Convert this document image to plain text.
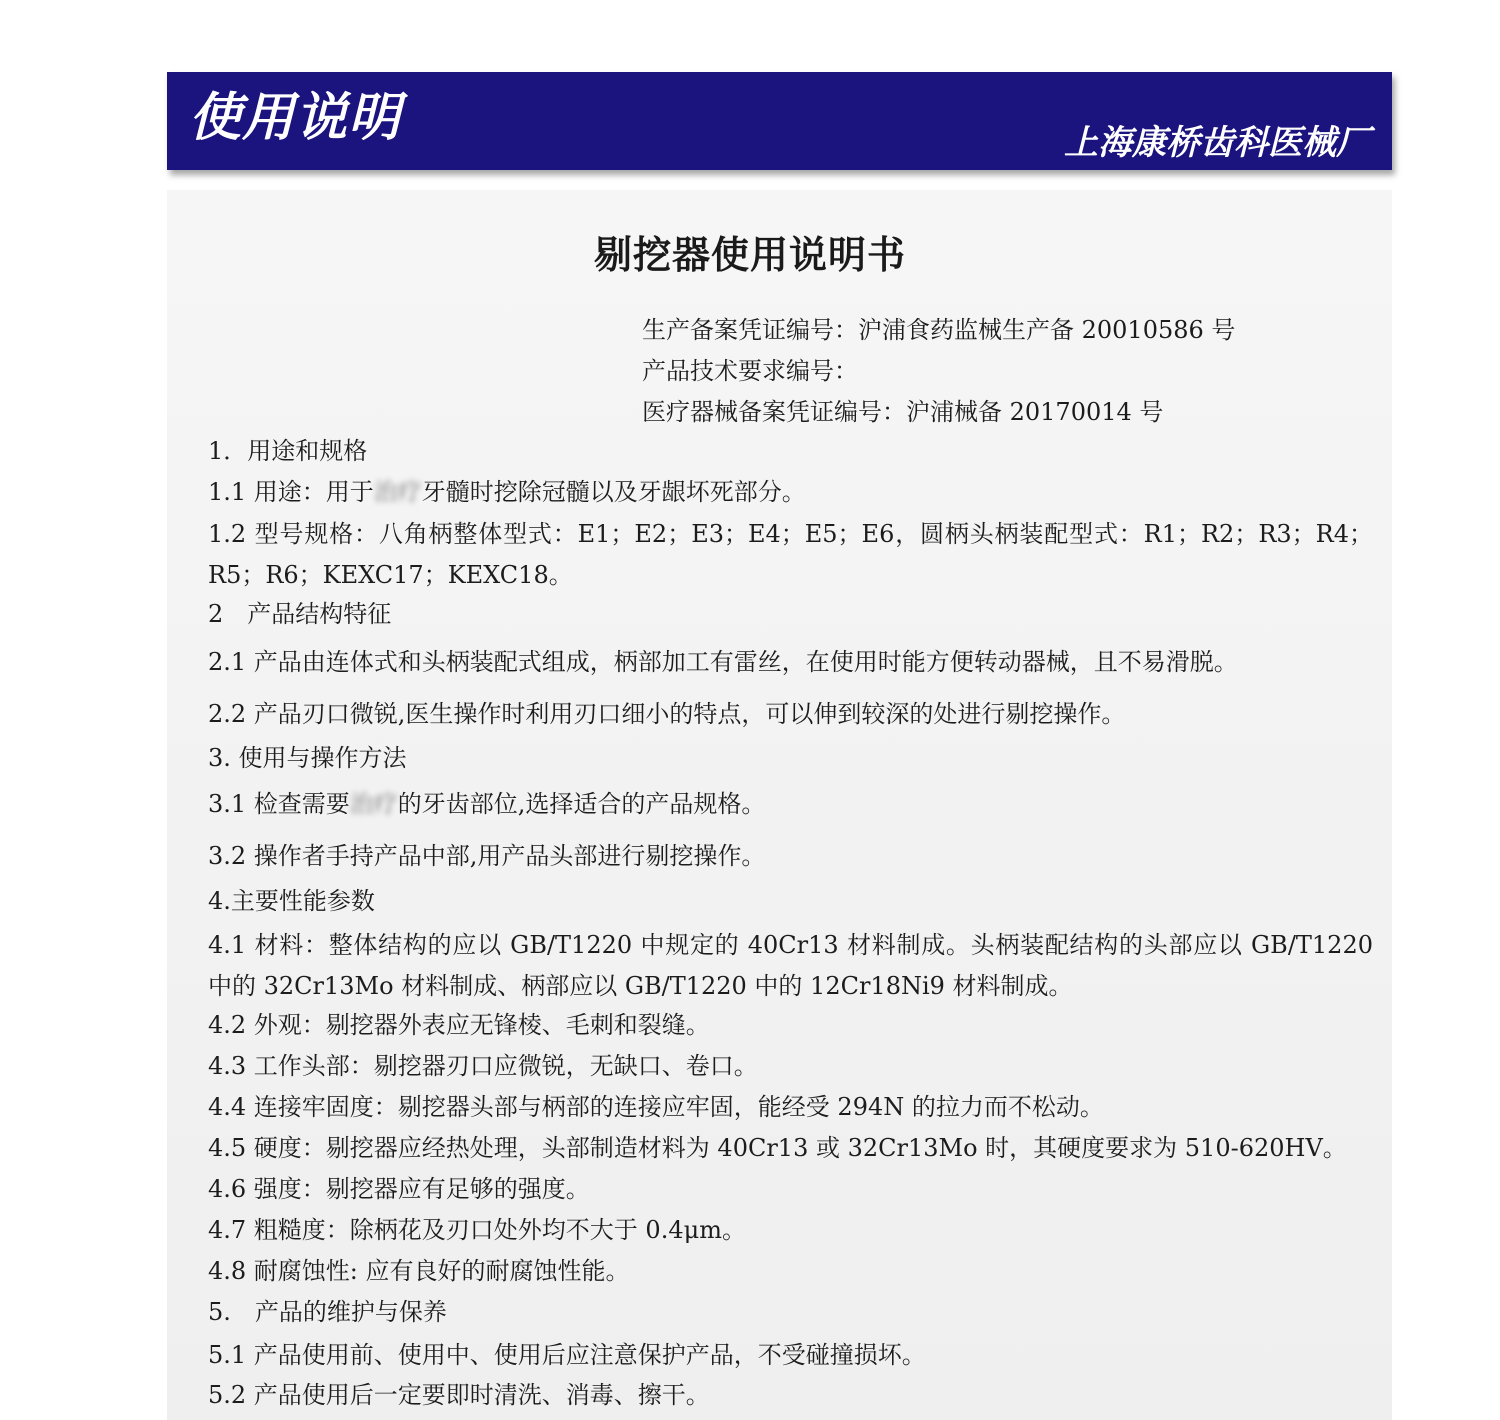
使用说明	上海康桥齿科医械厂
剔挖器使用说明书
生产备案凭证编号：沪浦食药监械生产备 20010586 号
产品技术要求编号：
医疗器械备案凭证编号：沪浦械备 20170014 号
1．用途和规格
1.1 用途：用于治疗牙髓时挖除冠髓以及牙龈坏死部分。
1.2 型号规格：八角柄整体型式：E1；E2；E3；E4；E5；E6，圆柄头柄装配型式：R1；R2；R3；R4；R5；R6；KEXC17；KEXC18。
2　产品结构特征
2.1 产品由连体式和头柄装配式组成，柄部加工有雷丝，在使用时能方便转动器械，且不易滑脱。
2.2 产品刃口微锐,医生操作时利用刃口细小的特点，可以伸到较深的处进行剔挖操作。
3. 使用与操作方法
3.1 检查需要治疗的牙齿部位,选择适合的产品规格。
3.2 操作者手持产品中部,用产品头部进行剔挖操作。
4.主要性能参数
4.1 材料：整体结构的应以 GB/T1220 中规定的 40Cr13 材料制成。头柄装配结构的头部应以 GB/T1220 中的 32Cr13Mo 材料制成、柄部应以 GB/T1220 中的 12Cr18Ni9 材料制成。
4.2 外观：剔挖器外表应无锋棱、毛刺和裂缝。
4.3 工作头部：剔挖器刃口应微锐，无缺口、卷口。
4.4 连接牢固度：剔挖器头部与柄部的连接应牢固，能经受 294N 的拉力而不松动。
4.5 硬度：剔挖器应经热处理，头部制造材料为 40Cr13 或 32Cr13Mo 时，其硬度要求为 510-620HV。
4.6 强度：剔挖器应有足够的强度。
4.7 粗糙度：除柄花及刃口处外均不大于 0.4μm。
4.8 耐腐蚀性: 应有良好的耐腐蚀性能。
5.　产品的维护与保养
5.1 产品使用前、使用中、使用后应注意保护产品，不受碰撞损坏。
5.2 产品使用后一定要即时清洗、消毒、擦干。
